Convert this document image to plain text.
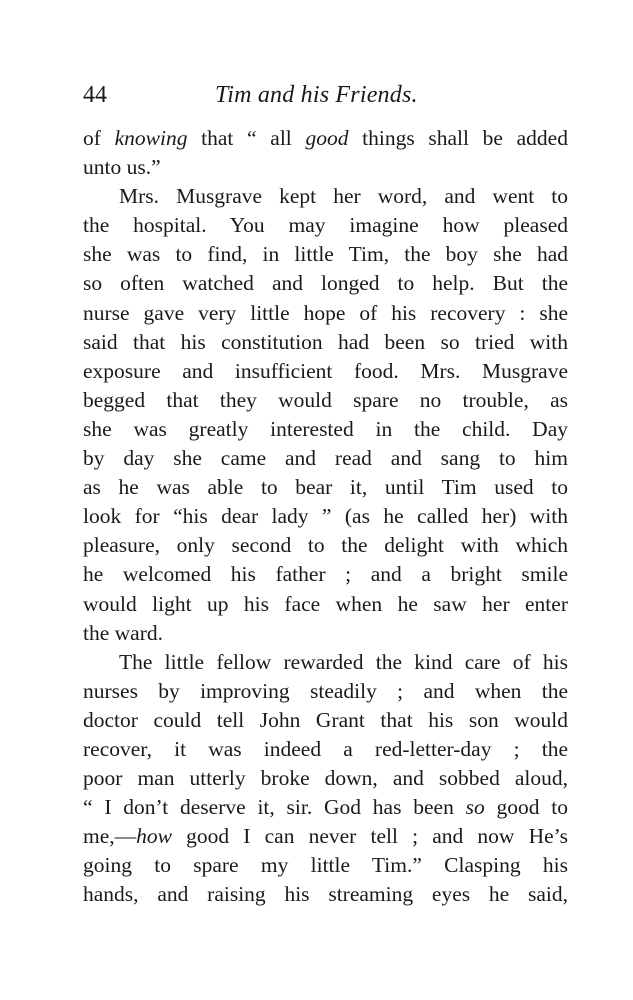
44	Tim and his Friends.
of knowing that “ all good things shall be added
unto us.”
Mrs. Musgrave kept her word, and went to
the hospital. You may imagine how pleased
she was to find, in little Tim, the boy she had
so often watched and longed to help. But the
nurse gave very little hope of his recovery : she
said that his constitution had been so tried with
exposure and insufficient food. Mrs. Musgrave
begged that they would spare no trouble, as
she was greatly interested in the child. Day
by day she came and read and sang to him
as he was able to bear it, until Tim used to
look for “his dear lady ” (as he called her) with
pleasure, only second to the delight with which
he welcomed his father ; and a bright smile
would light up his face when he saw her enter
the ward.
The little fellow rewarded the kind care of his
nurses by improving steadily ; and when the
doctor could tell John Grant that his son would
recover, it was indeed a red-letter-day ; the
poor man utterly broke down, and sobbed aloud,
“ I don’t deserve it, sir. God has been so good to
me,—how good I can never tell ; and now He’s
going to spare my little Tim.” Clasping his
hands, and raising his streaming eyes he said,
